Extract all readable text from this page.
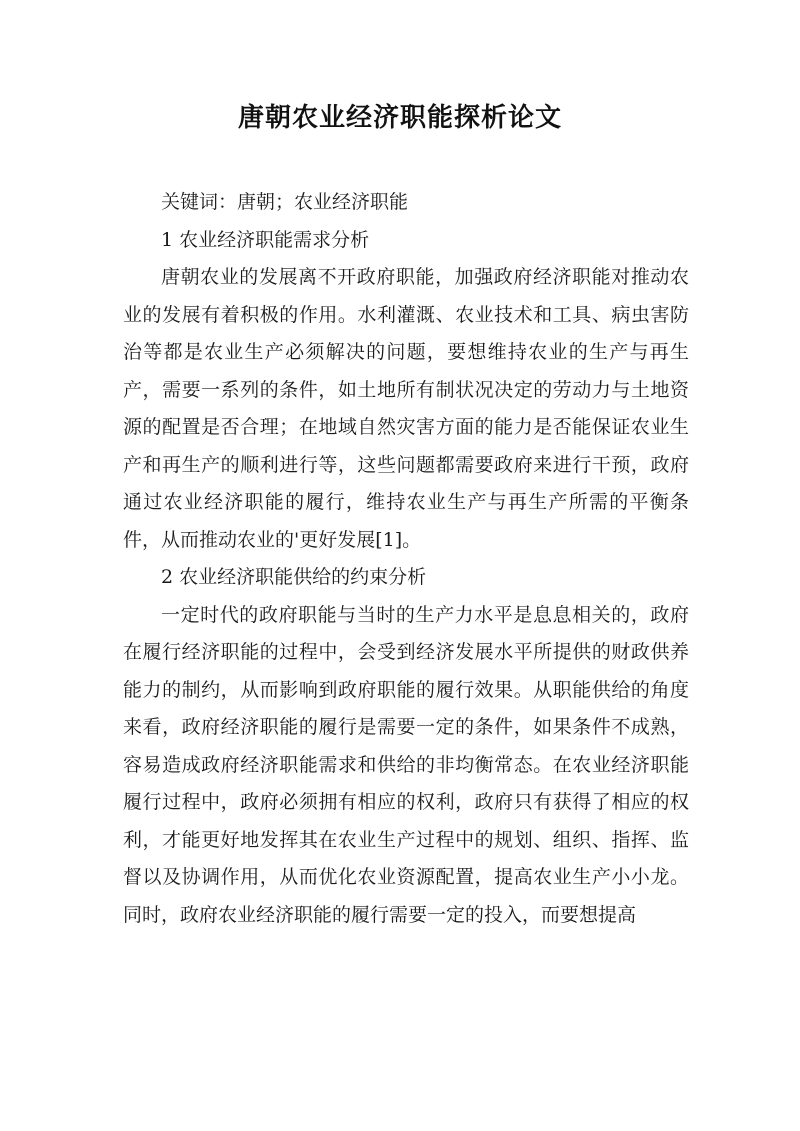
唐朝农业经济职能探析论文

关键词：唐朝；农业经济职能

1 农业经济职能需求分析

唐朝农业的发展离不开政府职能，加强政府经济职能对推动农业的发展有着积极的作用。水利灌溉、农业技术和工具、病虫害防治等都是农业生产必须解决的问题，要想维持农业的生产与再生产，需要一系列的条件，如土地所有制状况决定的劳动力与土地资源的配置是否合理；在地域自然灾害方面的能力是否能保证农业生产和再生产的顺利进行等，这些问题都需要政府来进行干预，政府通过农业经济职能的履行，维持农业生产与再生产所需的平衡条件，从而推动农业的'更好发展[1]。

2 农业经济职能供给的约束分析

一定时代的政府职能与当时的生产力水平是息息相关的，政府在履行经济职能的过程中，会受到经济发展水平所提供的财政供养能力的制约，从而影响到政府职能的履行效果。从职能供给的角度来看，政府经济职能的履行是需要一定的条件，如果条件不成熟，容易造成政府经济职能需求和供给的非均衡常态。在农业经济职能履行过程中，政府必须拥有相应的权利，政府只有获得了相应的权利，才能更好地发挥其在农业生产过程中的规划、组织、指挥、监督以及协调作用，从而优化农业资源配置，提高农业生产小小龙。同时，政府农业经济职能的履行需要一定的投入，而要想提高
